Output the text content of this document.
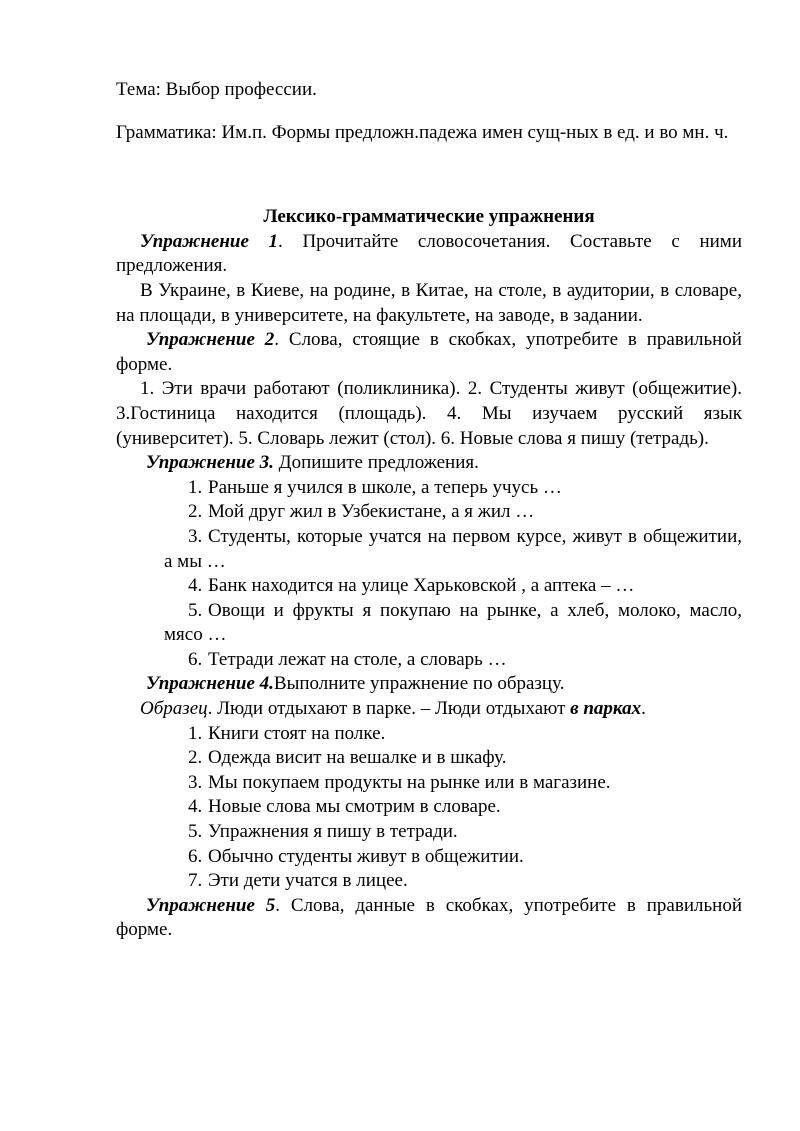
Тема: Выбор профессии.

Грамматика: Им.п. Формы предложн.падежа имен сущ-ных в ед. и во мн. ч.

Лексико-грамматические упражнения

Упражнение 1. Прочитайте словосочетания. Составьте с ними предложения.

В Украине, в Киеве, на родине, в Китае, на столе, в аудитории, в словаре, на площади, в университете, на факультете, на заводе, в задании.

Упражнение 2. Слова, стоящие в скобках, употребите в правильной форме.

1. Эти врачи работают (поликлиника). 2. Студенты живут (общежитие). 3.Гостиница находится (площадь). 4. Мы изучаем русский язык (университет). 5. Словарь лежит (стол). 6. Новые слова я пишу (тетрадь).

Упражнение 3. Допишите предложения.

1. Раньше я учился в школе, а теперь учусь …

2. Мой друг жил в Узбекистане, а я жил …

3. Студенты, которые учатся на первом курсе, живут в общежитии, а мы …

4. Банк находится на улице Харьковской , а аптека – …

5. Овощи и фрукты я покупаю на рынке, а хлеб, молоко, масло, мясо …

6. Тетради лежат на столе, а словарь …

Упражнение 4.Выполните упражнение по образцу.

Образец. Люди отдыхают в парке. – Люди отдыхают в парках.

1. Книги стоят на полке.

2. Одежда висит на вешалке и в шкафу.

3. Мы покупаем продукты на рынке или в магазине.

4. Новые слова мы смотрим в словаре.

5. Упражнения я пишу в тетради.

6. Обычно студенты живут в общежитии.

7. Эти дети учатся в лицее.

Упражнение 5. Слова, данные в скобках, употребите в правильной форме.
